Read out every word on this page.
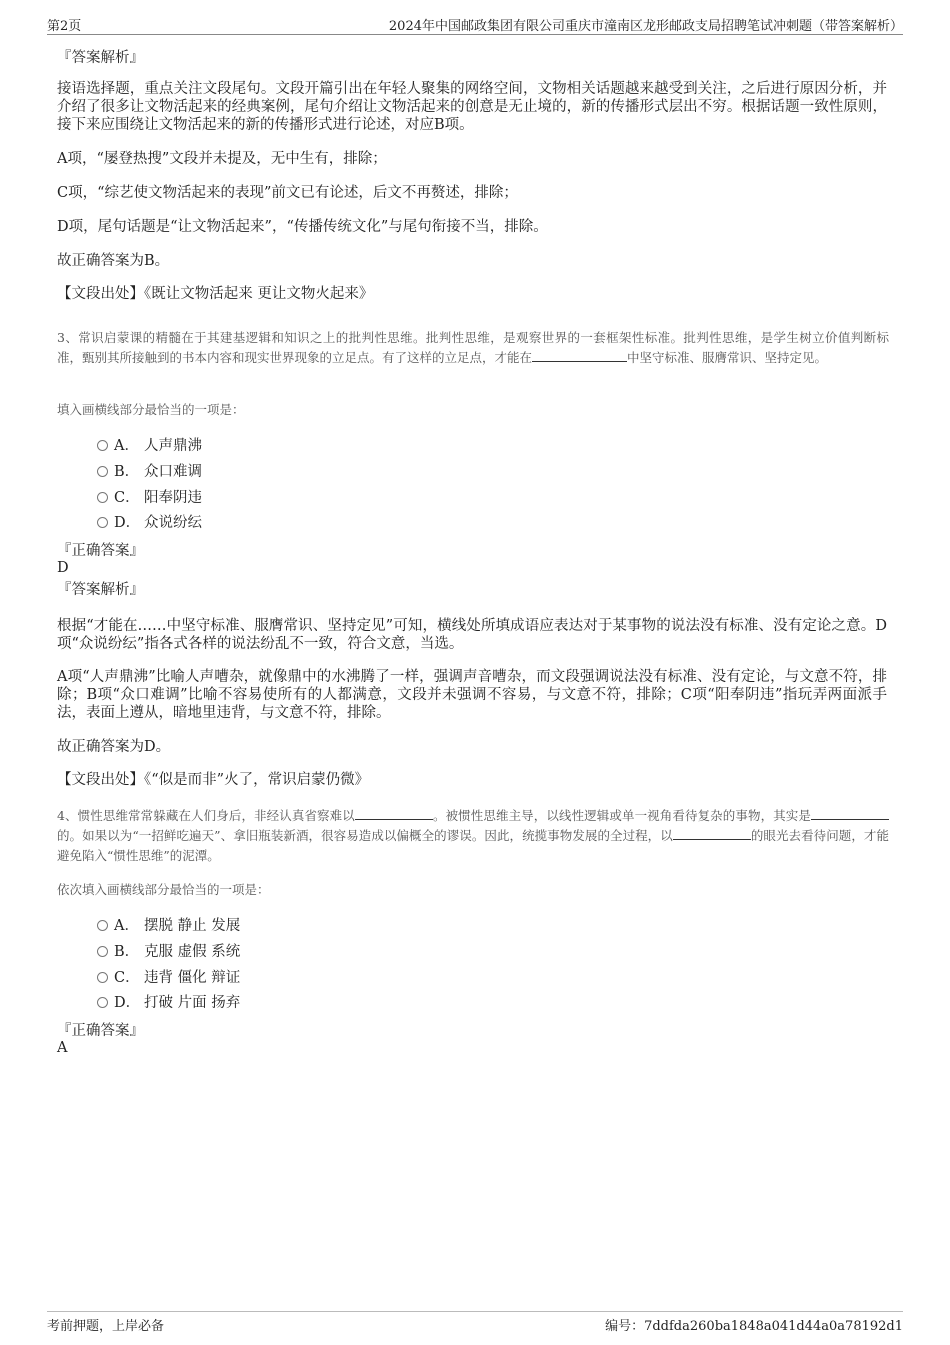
第2页	2024年中国邮政集团有限公司重庆市潼南区龙形邮政支局招聘笔试冲刺题（带答案解析）
『答案解析』

接语选择题，重点关注文段尾句。文段开篇引出在年轻人聚集的网络空间，文物相关话题越来越受到关注，之后进行原因分析，并介绍了很多让文物活起来的经典案例，尾句介绍让文物活起来的创意是无止境的，新的传播形式层出不穷。根据话题一致性原则，接下来应围绕让文物活起来的新的传播形式进行论述，对应B项。

A项，“屡登热搜”文段并未提及，无中生有，排除；

C项，“综艺使文物活起来的表现”前文已有论述，后文不再赘述，排除；

D项，尾句话题是“让文物活起来”，“传播传统文化”与尾句衔接不当，排除。

故正确答案为B。

【文段出处】《既让文物活起来 更让文物火起来》
3、常识启蒙课的精髓在于其建基逻辑和知识之上的批判性思维。批判性思维，是观察世界的一套框架性标准。批判性思维，是学生树立价值判断标准，甄别其所接触到的书本内容和现实世界现象的立足点。有了这样的立足点，才能在	中坚守标准、服膺常识、坚持定见。
填入画横线部分最恰当的一项是：
A． 人声鼎沸
B． 众口难调
C． 阳奉阴违
D． 众说纷纭
『正确答案』
D
『答案解析』

根据“才能在……中坚守标准、服膺常识、坚持定见”可知，横线处所填成语应表达对于某事物的说法没有标准、没有定论之意。D项“众说纷纭”指各式各样的说法纷乱不一致，符合文意，当选。

A项“人声鼎沸”比喻人声嘈杂，就像鼎中的水沸腾了一样，强调声音嘈杂，而文段强调说法没有标准、没有定论，与文意不符，排除；B项“众口难调”比喻不容易使所有的人都满意，文段并未强调不容易，与文意不符，排除；C项“阳奉阴违”指玩弄两面派手法，表面上遵从，暗地里违背，与文意不符，排除。

故正确答案为D。

【文段出处】《“似是而非”火了，常识启蒙仍微》
4、惯性思维常常躲藏在人们身后，非经认真省察难以	。被惯性思维主导，以线性逻辑或单一视角看待复杂的事物，其实是的。如果以为“一招鲜吃遍天”、拿旧瓶装新酒，很容易造成以偏概全的谬误。因此，统揽事物发展的全过程，以	的眼光去看待问题，才能避免陷入“惯性思维”的泥潭。
依次填入画横线部分最恰当的一项是：
A． 摆脱 静止 发展
B． 克服 虚假 系统
C． 违背 僵化 辩证
D． 打破 片面 扬弃
『正确答案』
A
考前押题，上岸必备	编号：7ddfda260ba1848a041d44a0a78192d1
